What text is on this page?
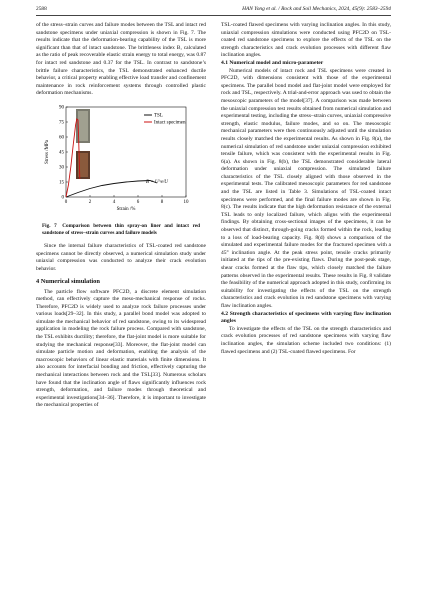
2588	HAN Yong et al. / Rock and Soil Mechanics, 2024, 45(9): 2583–2594

of the stress–strain curves and failure modes between the TSL and intact red sandstone specimens under uniaxial compression is shown in Fig. 7. The results indicate that the deformation-bearing capability of the TSL is more significant than that of intact sandstone. The brittleness index B, calculated as the ratio of peak recoverable elastic strain energy to total energy, was 0.87 for intact red sandstone and 0.37 for the TSL. In contrast to sandstone’s brittle failure characteristics, the TSL demonstrated enhanced ductile behavior, a critical property enabling effective load transfer and confinement maintenance in rock reinforcement systems through controlled plastic deformation mechanisms.

B = U^e/U
0	2	4	6	8	10
0
15
30
45
60
75
90
Strain /%
Stress /MPa
TSL
Intact specimen
Fig. 7 Comparison between thin spray-on liner and intact red sandstone of stress–strain curves and failure models

Since the internal failure characteristics of TSL-coated red sandstone specimens cannot be directly observed, a numerical simulation study under uniaxial compression was conducted to analyze their crack evolution behavior.

4 Numerical simulation

The particle flow software PFC2D, a discrete element simulation method, can effectively capture the meso-mechanical response of rocks. Therefore, PFC2D is widely used to analyze rock failure processes under various loads[29–32]. In this study, a parallel bond model was adopted to simulate the mechanical behavior of red sandstone, owing to its widespread application in modeling the rock failure process. Compared with sandstone, the TSL exhibits ductility; therefore, the flat-joint model is more suitable for studying the mechanical response[33]. Moreover, the flat-joint model can simulate particle motion and deformation, enabling the analysis of the macroscopic behaviors of linear elastic materials with finite dimensions. It also accounts for interfacial bonding and friction, effectively capturing the mechanical interactions between rock and the TSL[33]. Numerous scholars have found that the inclination angle of flaws significantly influences rock strength, deformation, and failure modes through theoretical and experimental investigations[34–36]. Therefore, it is important to investigate the mechanical properties of

TSL-coated flawed specimens with varying inclination angles. In this study, uniaxial compression simulations were conducted using PFC2D on TSL-coated red sandstone specimens to explore the effects of the TSL on the strength characteristics and crack evolution processes with different flaw inclination angles.

4.1 Numerical model and micro-parameter

Numerical models of intact rock and TSL specimens were created in PFC2D, with dimensions consistent with those of the experimental specimens. The parallel bond model and flat-joint model were employed for rock and TSL, respectively. A trial-and-error approach was used to obtain the mesoscopic parameters of the model[37]. A comparison was made between the uniaxial compression test results obtained from numerical simulation and experimental testing, including the stress–strain curves, uniaxial compressive strength, elastic modulus, failure modes, and so on. The mesoscopic mechanical parameters were then continuously adjusted until the simulation results closely matched the experimental results. As shown in Fig. 8(a), the numerical simulation of red sandstone under uniaxial compression exhibited tensile failure, which was consistent with the experimental results in Fig. 6(a). As shown in Fig. 8(b), the TSL demonstrated considerable lateral deformation under uniaxial compression. The simulated failure characteristics of the TSL closely aligned with those observed in the experimental tests. The calibrated mesoscopic parameters for red sandstone and the TSL are listed in Table 3. Simulations of TSL-coated intact specimens were performed, and the final failure modes are shown in Fig. 8(c). The results indicate that the high deformation resistance of the external TSL leads to only localized failure, which aligns with the experimental findings. By obtaining cross-sectional images of the specimens, it can be observed that distinct, through-going cracks formed within the rock, leading to a loss of load-bearing capacity. Fig. 8(d) shows a comparison of the simulated and experimental failure modes for the fractured specimen with a 45° inclination angle. At the peak stress point, tensile cracks primarily initiated at the tips of the pre-existing flaws. During the post-peak stage, shear cracks formed at the flaw tips, which closely matched the failure patterns observed in the experimental results. These results in Fig. 8 validate the feasibility of the numerical approach adopted in this study, confirming its suitability for investigating the effects of the TSL on the strength characteristics and crack evolution in red sandstone specimens with varying flaw inclination angles.

4.2 Strength characteristics of specimens with varying flaw inclination angles

To investigate the effects of the TSL on the strength characteristics and crack evolution processes of red sandstone specimens with varying flaw inclination angles, the simulation scheme included two conditions: (1) flawed specimens and (2) TSL-coated flawed specimens. For
